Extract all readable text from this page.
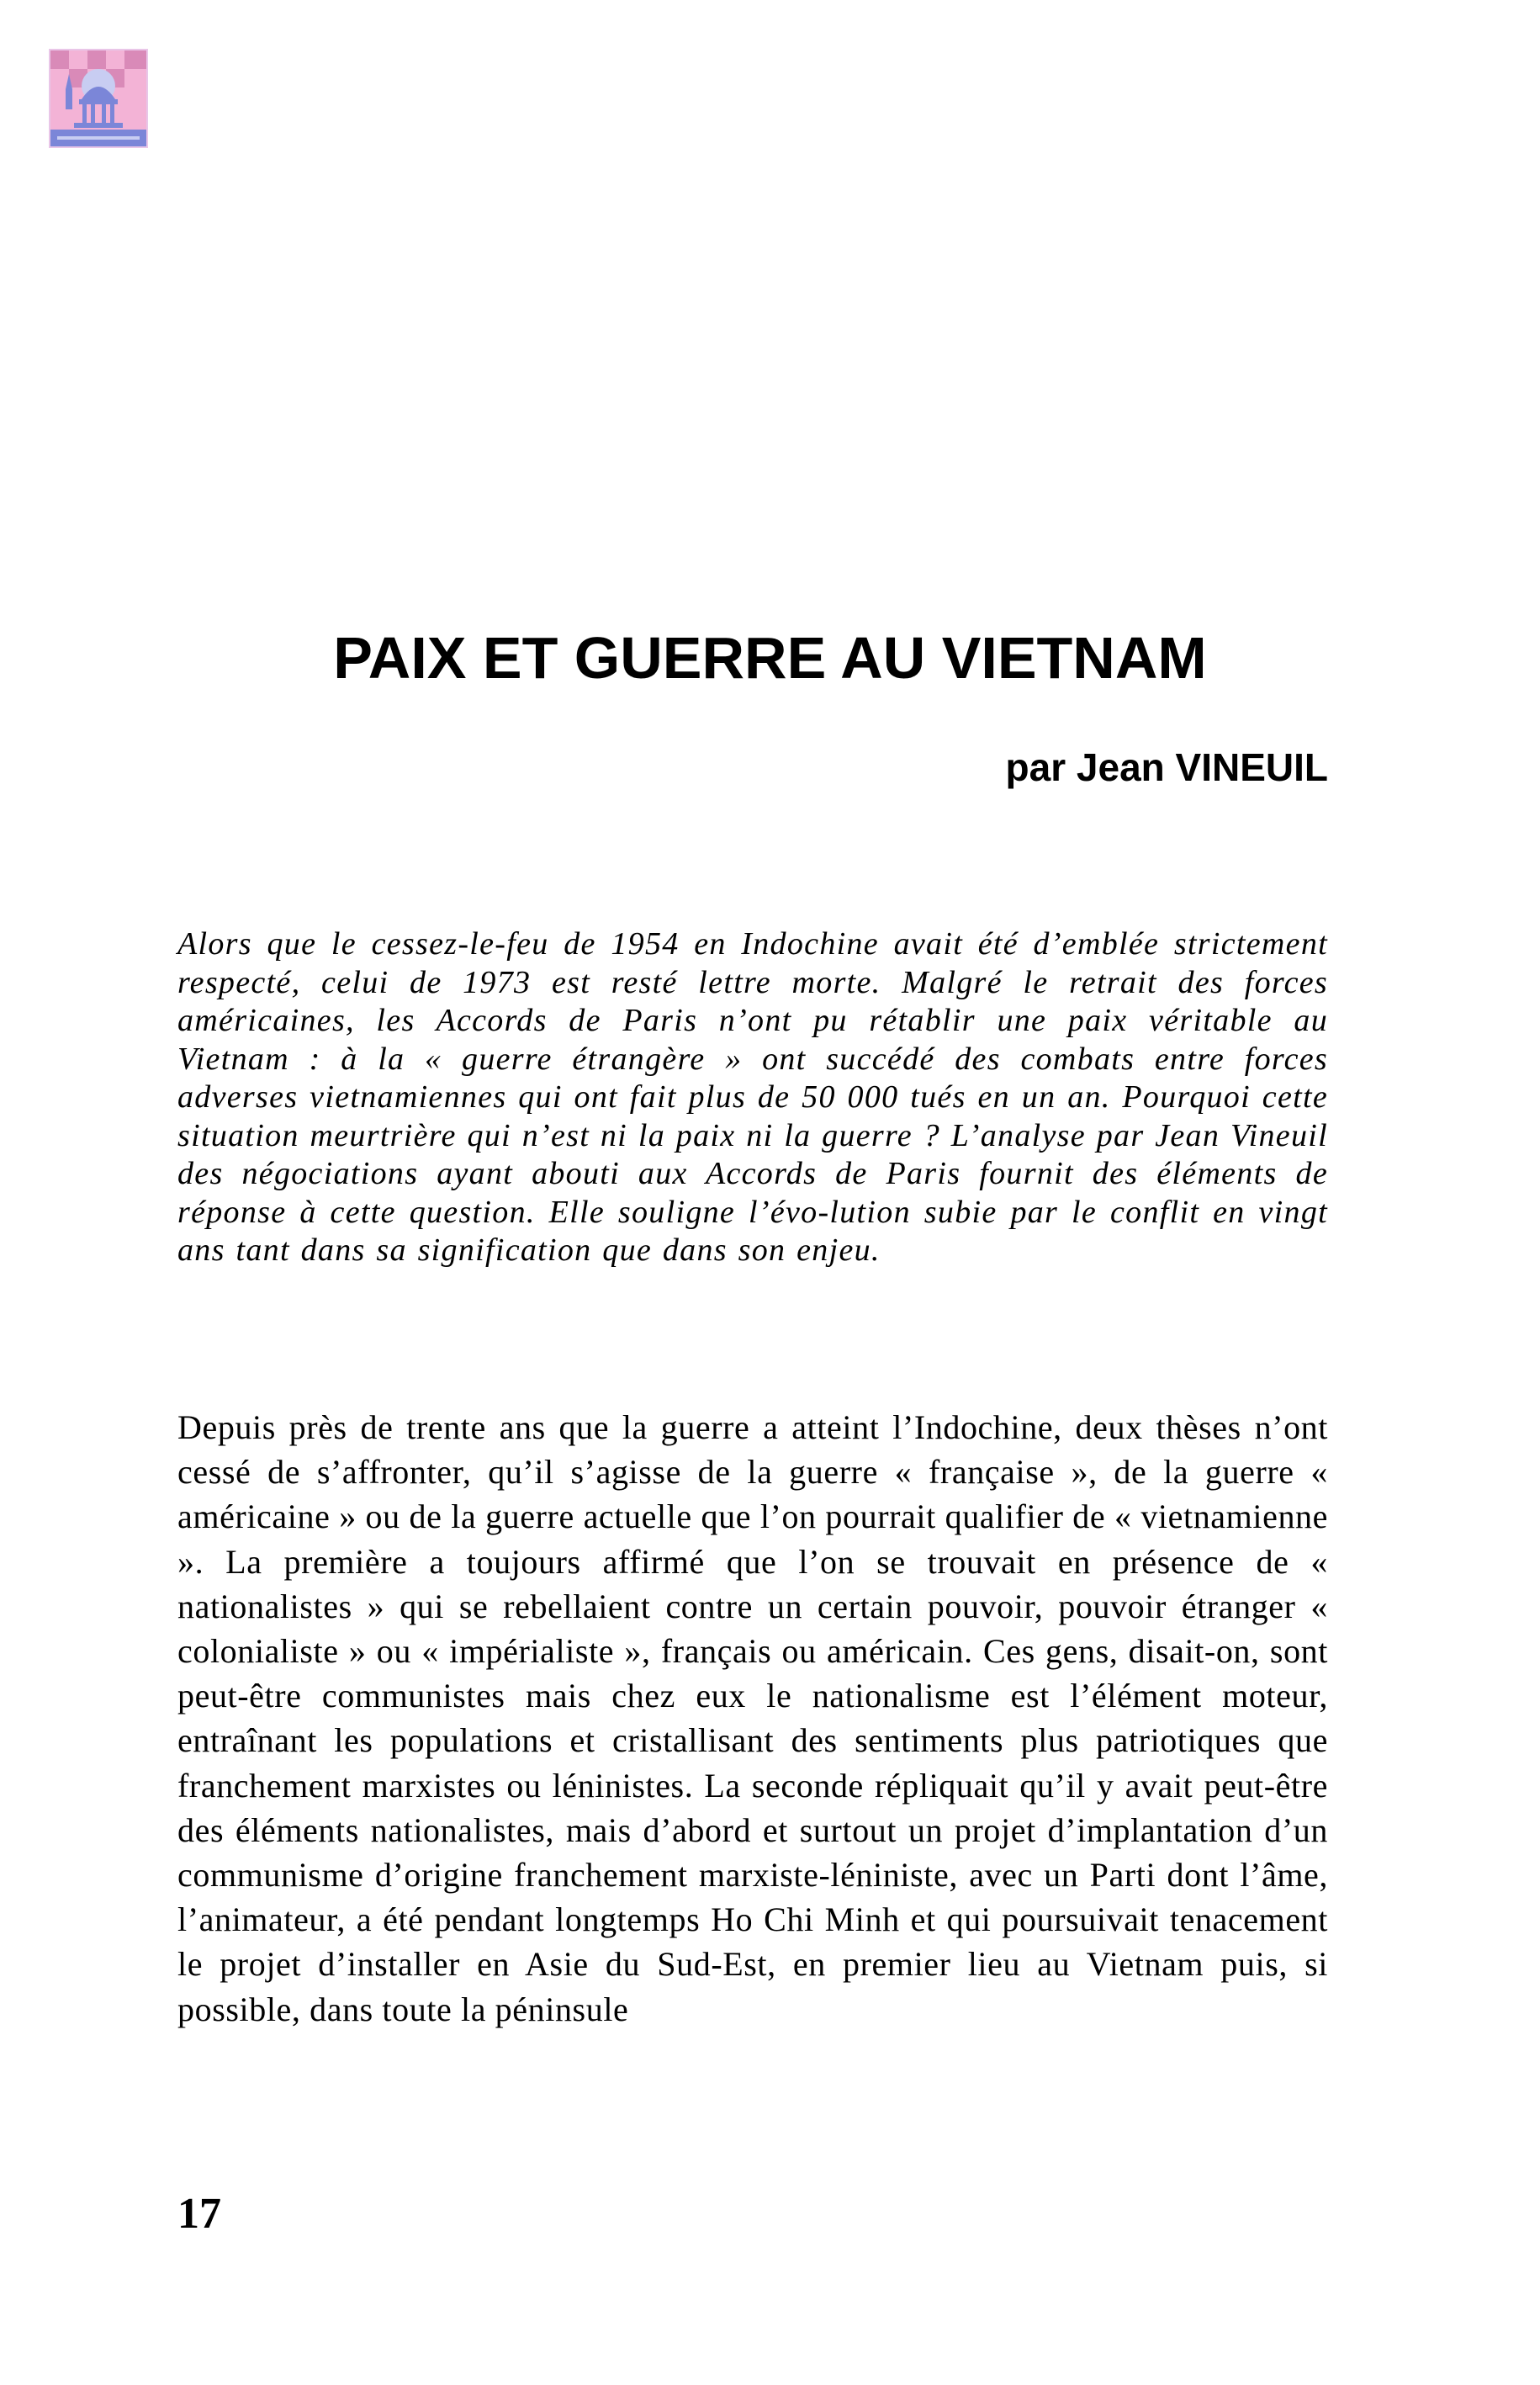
PAIX ET GUERRE AU VIETNAM

par Jean VINEUIL

Alors que le cessez-le-feu de 1954 en Indochine avait été d’emblée strictement respecté, celui de 1973 est resté lettre morte. Malgré le retrait des forces américaines, les Accords de Paris n’ont pu rétablir une paix véritable au Vietnam : à la « guerre étrangère » ont succédé des combats entre forces adverses vietnamiennes qui ont fait plus de 50 000 tués en un an. Pourquoi cette situation meurtrière qui n’est ni la paix ni la guerre ? L’analyse par Jean Vineuil des négociations ayant abouti aux Accords de Paris fournit des éléments de réponse à cette question. Elle souligne l’évo-lution subie par le conflit en vingt ans tant dans sa signification que dans son enjeu.

Depuis près de trente ans que la guerre a atteint l’Indochine, deux thèses n’ont cessé de s’affronter, qu’il s’agisse de la guerre « française », de la guerre « américaine » ou de la guerre actuelle que l’on pourrait qualifier de « vietnamienne ». La première a toujours affirmé que l’on se trouvait en présence de « nationalistes » qui se rebellaient contre un certain pouvoir, pouvoir étranger « colonialiste » ou « impérialiste », français ou américain. Ces gens, disait-on, sont peut-être communistes mais chez eux le nationalisme est l’élément moteur, entraînant les populations et cristallisant des sentiments plus patriotiques que franchement marxistes ou léninistes. La seconde répliquait qu’il y avait peut-être des éléments nationalistes, mais d’abord et surtout un projet d’implantation d’un communisme d’origine franchement marxiste-léniniste, avec un Parti dont l’âme, l’animateur, a été pendant longtemps Ho Chi Minh et qui poursuivait tenacement le projet d’installer en Asie du Sud-Est, en premier lieu au Vietnam puis, si possible, dans toute la péninsule

17
